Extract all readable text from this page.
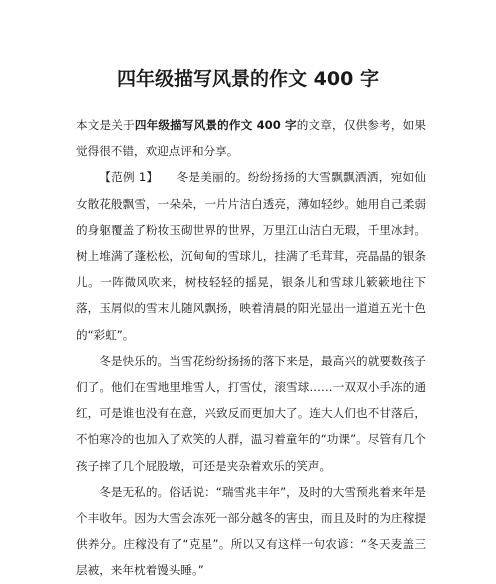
四年级描写风景的作文 400 字

本文是关于四年级描写风景的作文 400 字的文章，仅供参考，如果觉得很不错，欢迎点评和分享。

【范例 1】　　冬是美丽的。纷纷扬扬的大雪飘飘洒洒，宛如仙女散花般飘雪，一朵朵，一片片洁白透亮，薄如轻纱。她用自己柔弱的身躯覆盖了粉妆玉砌世界的世界，万里江山洁白无瑕，千里冰封。树上堆满了蓬松松，沉甸甸的雪球儿，挂满了毛茸茸，亮晶晶的银条儿。一阵微风吹来，树枝轻轻的摇晃，银条儿和雪球儿簌簌地往下落，玉屑似的雪末儿随风飘扬，映着清晨的阳光显出一道道五光十色的“彩虹”。

冬是快乐的。当雪花纷纷扬扬的落下来是，最高兴的就要数孩子们了。他们在雪地里堆雪人，打雪仗，滚雪球……一双双小手冻的通红，可是谁也没有在意，兴致反而更加大了。连大人们也不甘落后，不怕寒冷的也加入了欢笑的人群，温习着童年的“功课”。尽管有几个孩子摔了几个屁股墩，可还是夹杂着欢乐的笑声。

冬是无私的。俗话说：“瑞雪兆丰年”，及时的大雪预兆着来年是个丰收年。因为大雪会冻死一部分越冬的害虫，而且及时的为庄稼提供养分。庄稼没有了“克星”。所以又有这样一句农谚：“冬天麦盖三层被，来年枕着馒头睡。”
